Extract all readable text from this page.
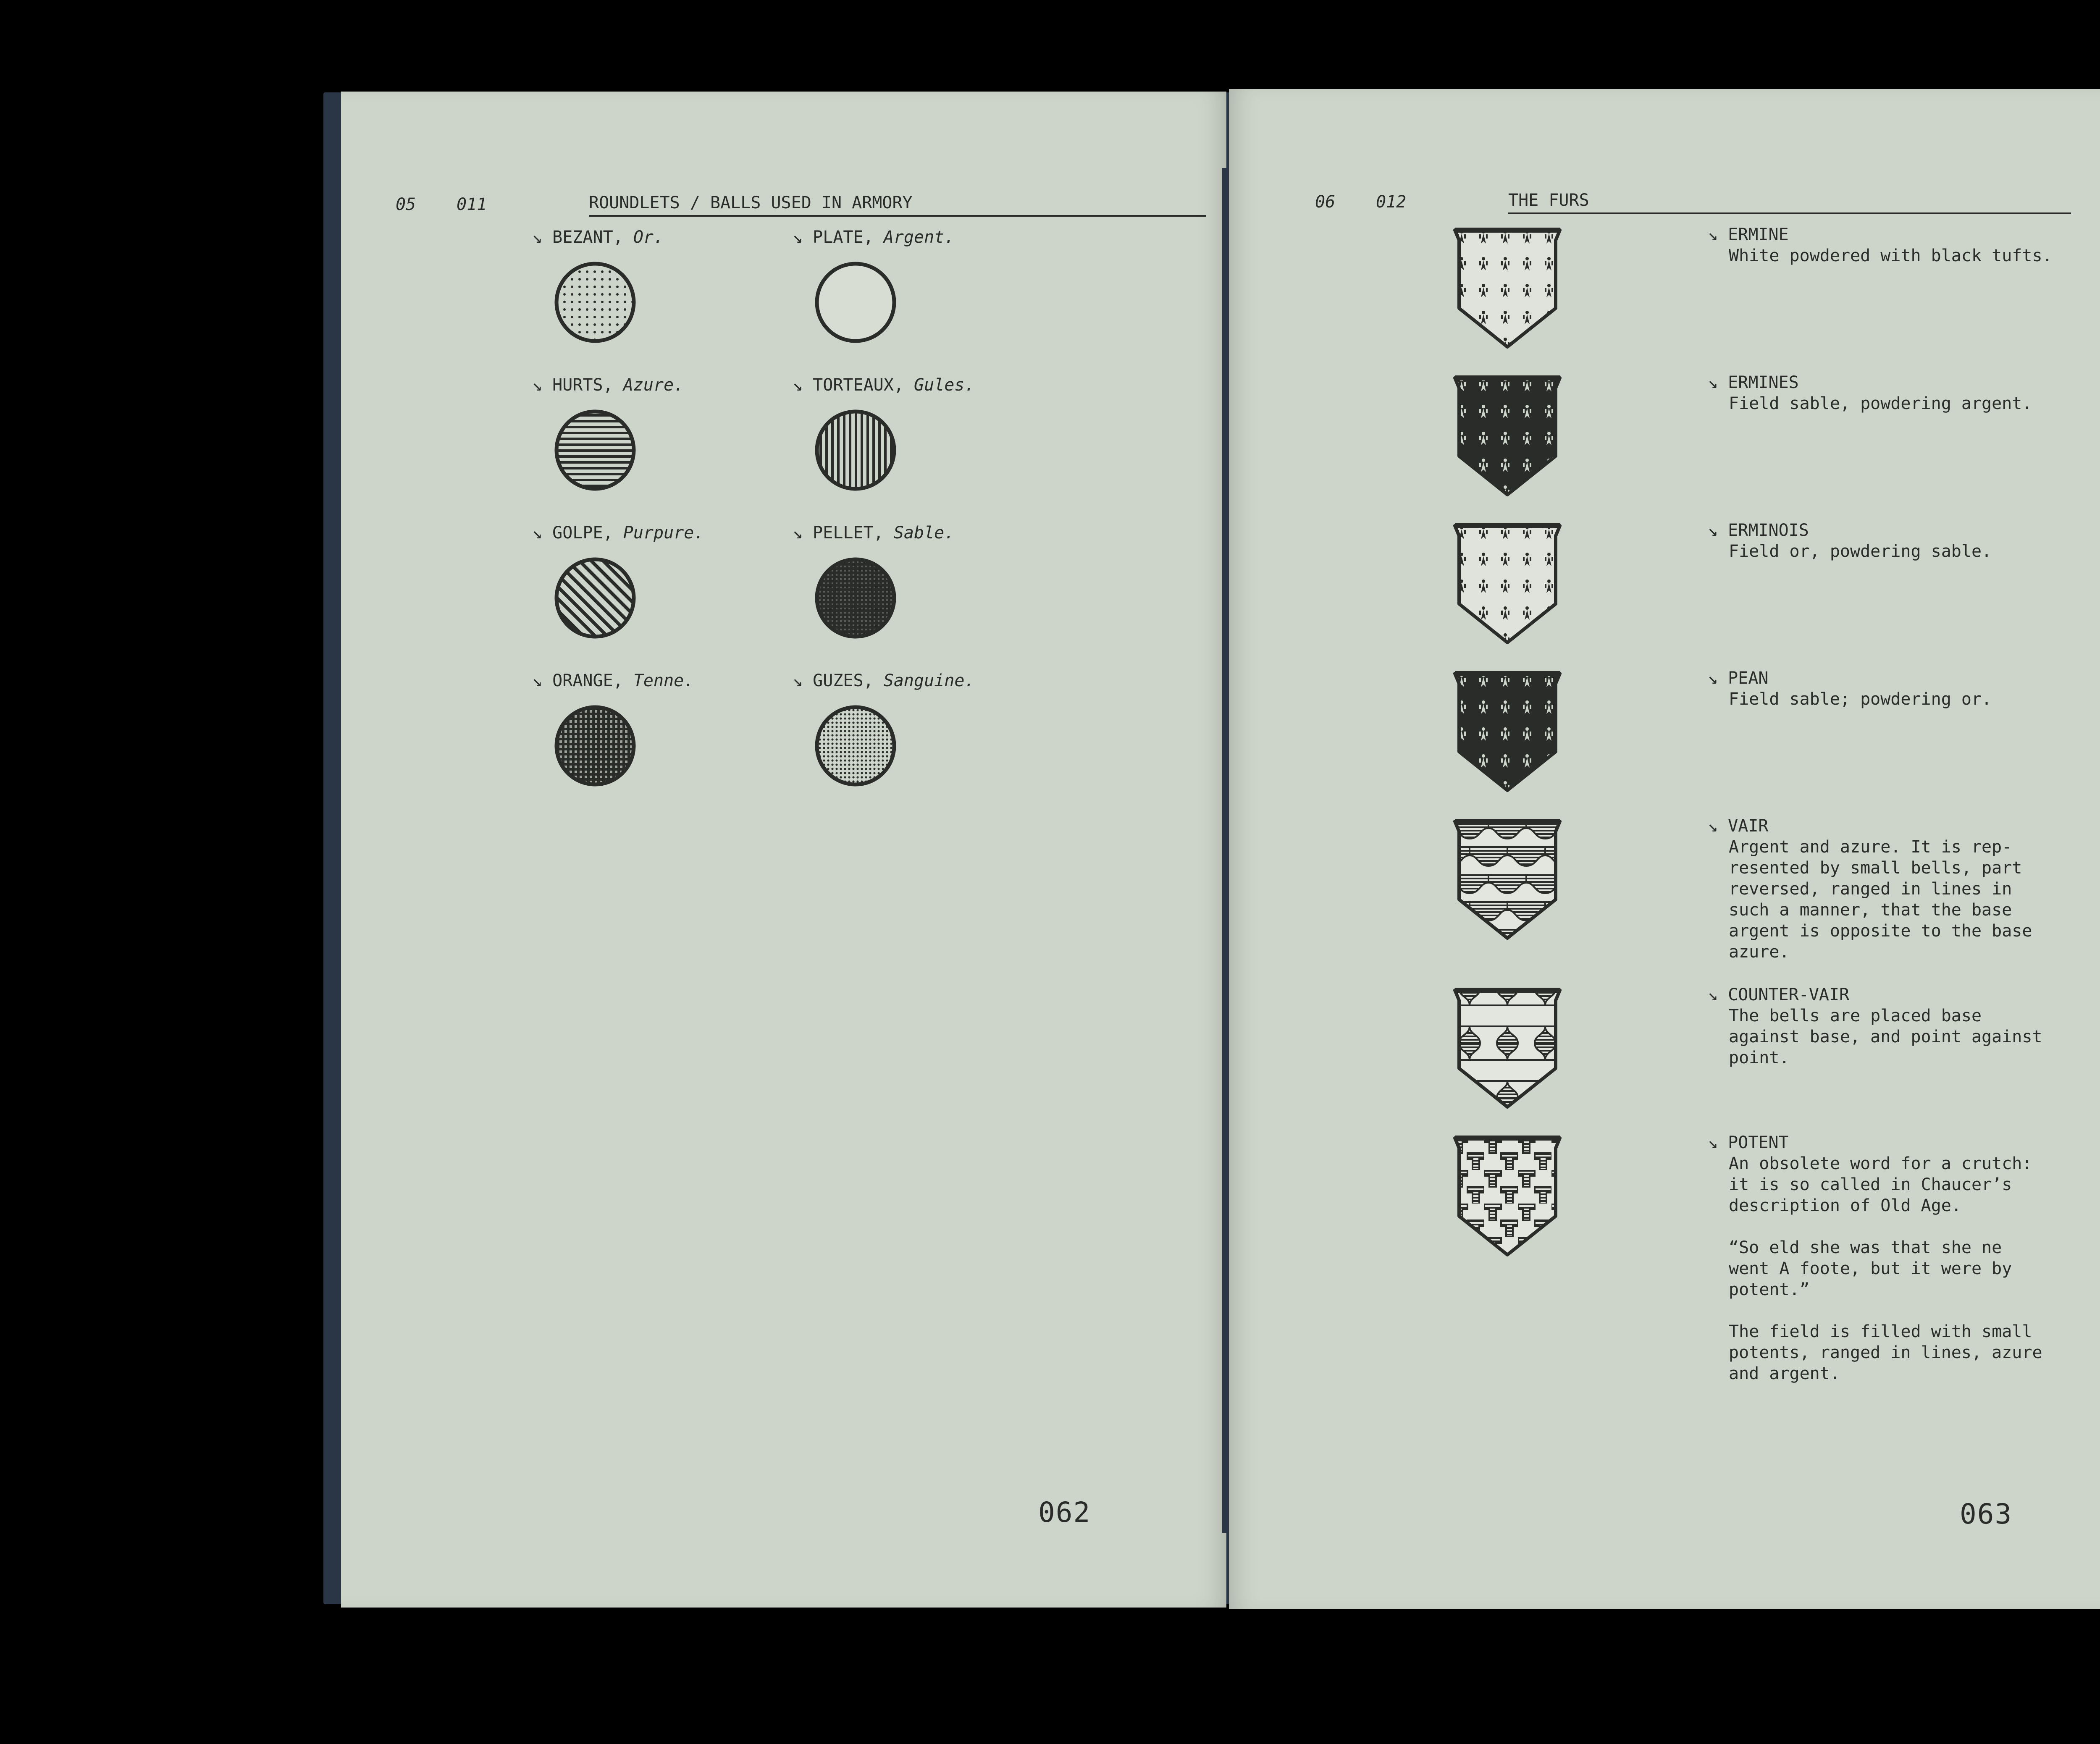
05 011	ROUNDLETS / BALLS USED IN ARMORY
↘ BEZANT, Or.	↘ PLATE, Argent.
↘ HURTS, Azure.	↘ TORTEAUX, Gules.
↘ GOLPE, Purpure.	↘ PELLET, Sable.
↘ ORANGE, Tenne.	↘ GUZES, Sanguine.
062
06 012	THE FURS
↘ ERMINE
White powdered with black tufts.
↘ ERMINES
Field sable, powdering argent.
↘ ERMINOIS
Field or, powdering sable.
↘ PEAN
Field sable; powdering or.
↘ VAIR
Argent and azure. It is rep-
resented by small bells, part
reversed, ranged in lines in
such a manner, that the base
argent is opposite to the base
azure.
↘ COUNTER-VAIR
The bells are placed base
against base, and point against
point.
↘ POTENT
An obsolete word for a crutch:
it is so called in Chaucer’s
description of Old Age.

“So eld she was that she ne
went A foote, but it were by
potent.”

The field is filled with small
potents, ranged in lines, azure
and argent.
063
